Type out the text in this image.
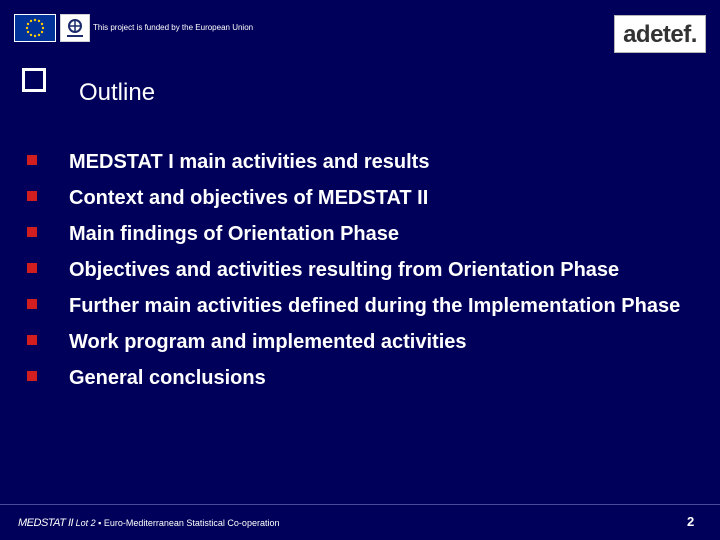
This project is funded by the European Union	adetef.
Outline
MEDSTAT I main activities and results
Context and objectives of MEDSTAT II
Main findings of Orientation Phase
Objectives and activities resulting from Orientation Phase
Further main activities defined during the Implementation Phase
Work program and implemented activities
General conclusions
MEDSTAT II Lot 2 ▪ Euro-Mediterranean Statistical Co-operation	2
